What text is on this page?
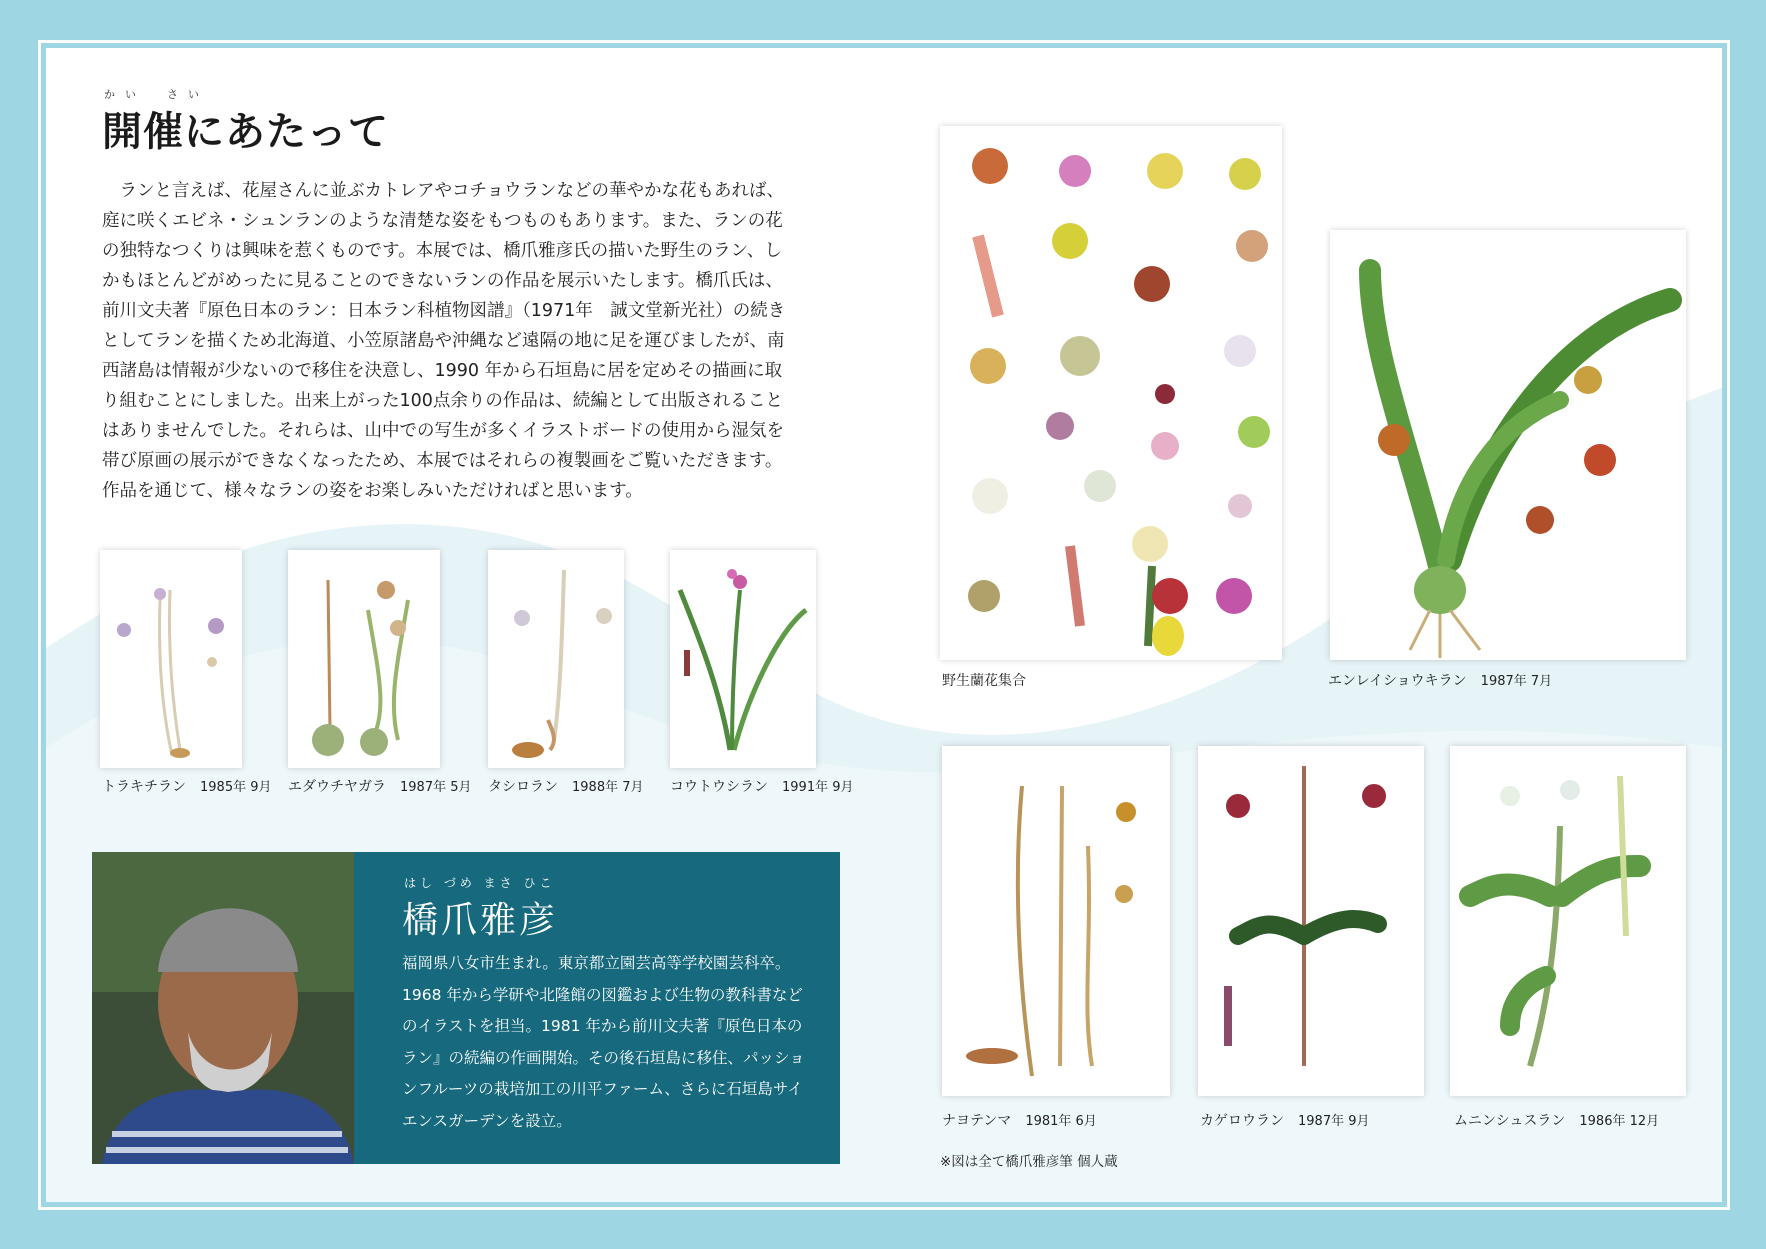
かい　さい
開催にあたって
ランと言えば、花屋さんに並ぶカトレアやコチョウランなどの華やかな花もあれば、庭に咲くエビネ・シュンランのような清楚な姿をもつものもあります。また、ランの花の独特なつくりは興味を惹くものです。本展では、橋爪雅彦氏の描いた野生のラン、しかもほとんどがめったに見ることのできないランの作品を展示いたします。橋爪氏は、前川文夫著『原色日本のラン：日本ラン科植物図譜』（1971年　誠文堂新光社）の続きとしてランを描くため北海道、小笠原諸島や沖縄など遠隔の地に足を運びましたが、南西諸島は情報が少ないので移住を決意し、1990 年から石垣島に居を定めその描画に取り組むことにしました。出来上がった100点余りの作品は、続編として出版されることはありませんでした。それらは、山中での写生が多くイラストボードの使用から湿気を帯び原画の展示ができなくなったため、本展ではそれらの複製画をご覧いただきます。作品を通じて、様々なランの姿をお楽しみいただければと思います。
トラキチラン 1985年 9月 エダウチヤガラ 1987年 5月 タシロラン 1988年 7月 コウトウシラン 1991年 9月
野生蘭花集合	エンレイショウキラン 1987年 7月
ナヨテンマ 1981年 6月	カゲロウラン 1987年 9月	ムニンシュスラン 1986年 12月
※図は全て橋爪雅彦筆 個人蔵
はし づめ まさ ひこ
橋爪雅彦
福岡県八女市生まれ。東京都立園芸高等学校園芸科卒。1968 年から学研や北隆館の図鑑および生物の教科書などのイラストを担当。1981 年から前川文夫著『原色日本のラン』の続編の作画開始。その後石垣島に移住、パッションフルーツの栽培加工の川平ファーム、さらに石垣島サイエンスガーデンを設立。
